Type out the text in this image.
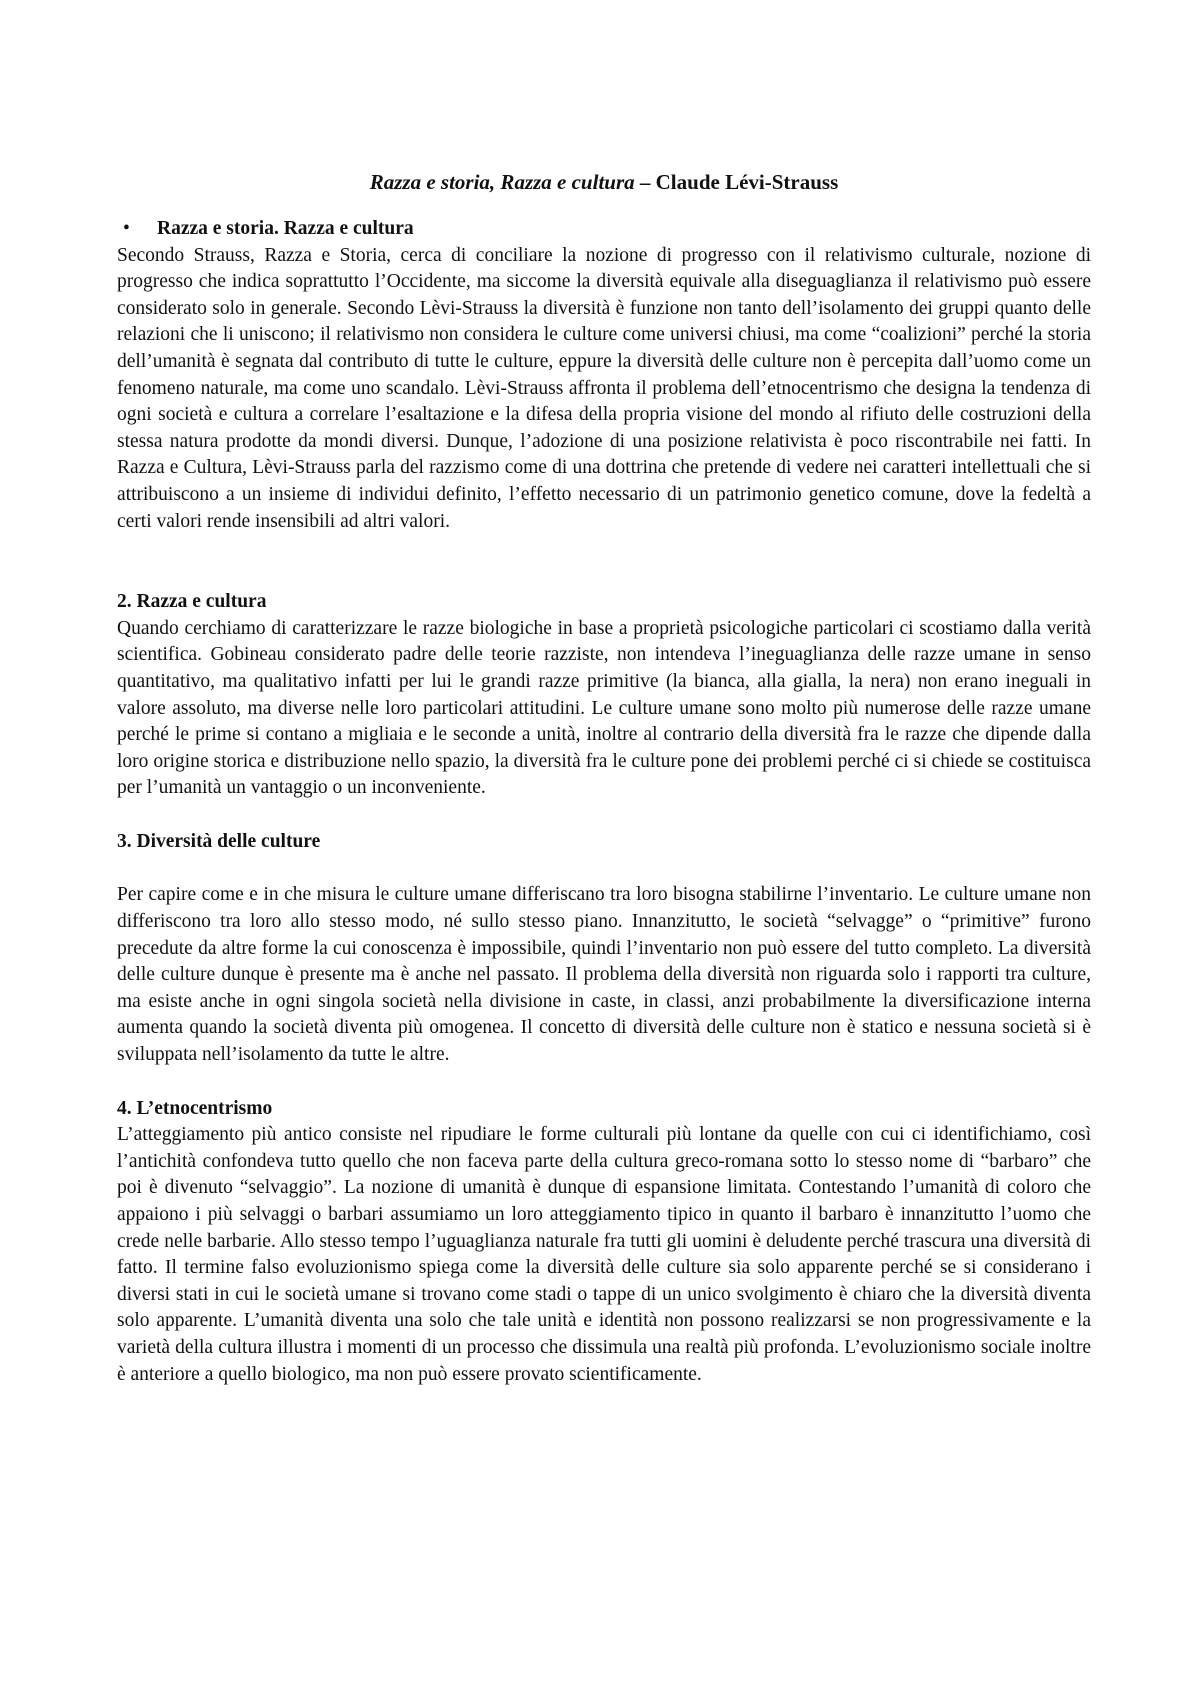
Razza e storia, Razza e cultura – Claude Lévi-Strauss

• Razza e storia. Razza e cultura

Secondo Strauss, Razza e Storia, cerca di conciliare la nozione di progresso con il relativismo culturale, nozione di progresso che indica soprattutto l’Occidente, ma siccome la diversità equivale alla diseguaglianza il relativismo può essere considerato solo in generale. Secondo Lèvi-Strauss la diversità è funzione non tanto dell’isolamento dei gruppi quanto delle relazioni che li uniscono; il relativismo non considera le culture come universi chiusi, ma come “coalizioni” perché la storia dell’umanità è segnata dal contributo di tutte le culture, eppure la diversità delle culture non è percepita dall’uomo come un fenomeno naturale, ma come uno scandalo. Lèvi-Strauss affronta il problema dell’etnocentrismo che designa la tendenza di ogni società e cultura a correlare l’esaltazione e la difesa della propria visione del mondo al rifiuto delle costruzioni della stessa natura prodotte da mondi diversi. Dunque, l’adozione di una posizione relativista è poco riscontrabile nei fatti. In Razza e Cultura, Lèvi-Strauss parla del razzismo come di una dottrina che pretende di vedere nei caratteri intellettuali che si attribuiscono a un insieme di individui definito, l’effetto necessario di un patrimonio genetico comune, dove la fedeltà a certi valori rende insensibili ad altri valori.

2. Razza e cultura

Quando cerchiamo di caratterizzare le razze biologiche in base a proprietà psicologiche particolari ci scostiamo dalla verità scientifica. Gobineau considerato padre delle teorie razziste, non intendeva l’ineguaglianza delle razze umane in senso quantitativo, ma qualitativo infatti per lui le grandi razze primitive (la bianca, alla gialla, la nera) non erano ineguali in valore assoluto, ma diverse nelle loro particolari attitudini. Le culture umane sono molto più numerose delle razze umane perché le prime si contano a migliaia e le seconde a unità, inoltre al contrario della diversità fra le razze che dipende dalla loro origine storica e distribuzione nello spazio, la diversità fra le culture pone dei problemi perché ci si chiede se costituisca per l’umanità un vantaggio o un inconveniente.

3. Diversità delle culture

Per capire come e in che misura le culture umane differiscano tra loro bisogna stabilirne l’inventario. Le culture umane non differiscono tra loro allo stesso modo, né sullo stesso piano. Innanzitutto, le società “selvagge” o “primitive” furono precedute da altre forme la cui conoscenza è impossibile, quindi l’inventario non può essere del tutto completo. La diversità delle culture dunque è presente ma è anche nel passato. Il problema della diversità non riguarda solo i rapporti tra culture, ma esiste anche in ogni singola società nella divisione in caste, in classi, anzi probabilmente la diversificazione interna aumenta quando la società diventa più omogenea. Il concetto di diversità delle culture non è statico e nessuna società si è sviluppata nell’isolamento da tutte le altre.

4. L’etnocentrismo

L’atteggiamento più antico consiste nel ripudiare le forme culturali più lontane da quelle con cui ci identifichiamo, così l’antichità confondeva tutto quello che non faceva parte della cultura greco-romana sotto lo stesso nome di “barbaro” che poi è divenuto “selvaggio”. La nozione di umanità è dunque di espansione limitata. Contestando l’umanità di coloro che appaiono i più selvaggi o barbari assumiamo un loro atteggiamento tipico in quanto il barbaro è innanzitutto l’uomo che crede nelle barbarie. Allo stesso tempo l’uguaglianza naturale fra tutti gli uomini è deludente perché trascura una diversità di fatto. Il termine falso evoluzionismo spiega come la diversità delle culture sia solo apparente perché se si considerano i diversi stati in cui le società umane si trovano come stadi o tappe di un unico svolgimento è chiaro che la diversità diventa solo apparente. L’umanità diventa una solo che tale unità e identità non possono realizzarsi se non progressivamente e la varietà della cultura illustra i momenti di un processo che dissimula una realtà più profonda. L’evoluzionismo sociale inoltre è anteriore a quello biologico, ma non può essere provato scientificamente.
